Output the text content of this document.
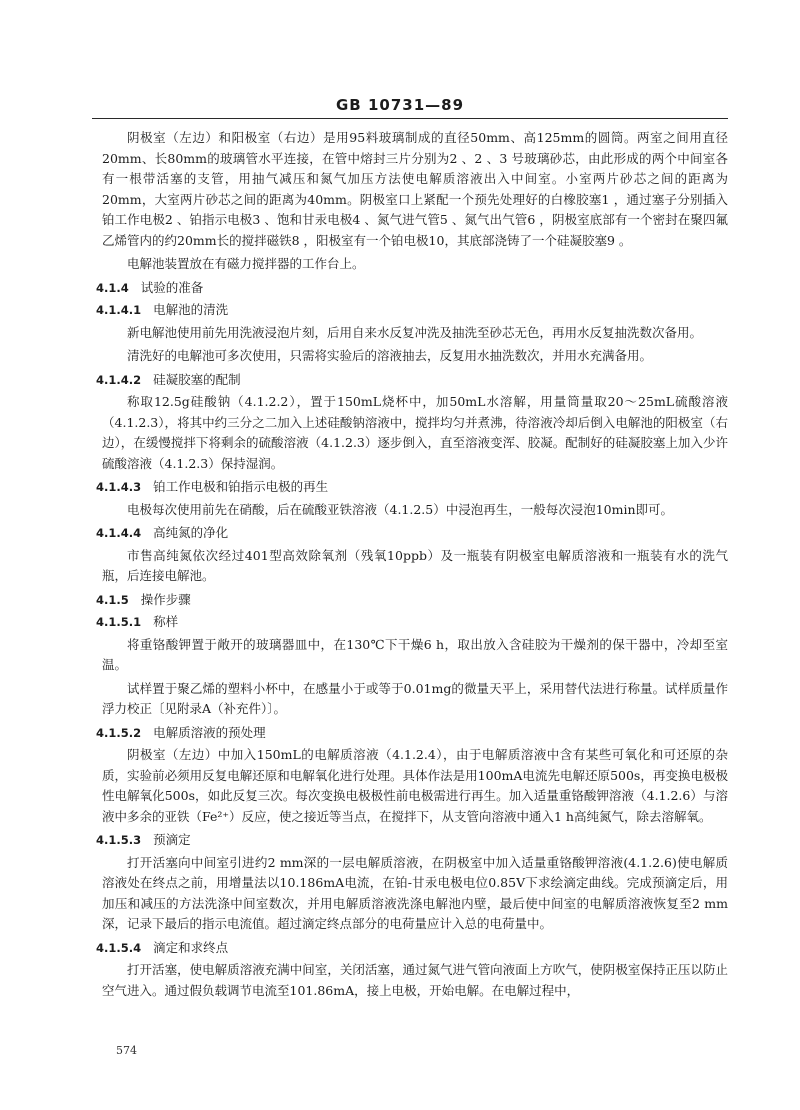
GB 10731—89
阴极室（左边）和阳极室（右边）是用95料玻璃制成的直径50mm、高125mm的圆筒。两室之间用直径20mm、长80mm的玻璃管水平连接，在管中熔封三片分别为2 、2 、3 号玻璃砂芯，由此形成的两个中间室各有一根带活塞的支管，用抽气减压和氮气加压方法使电解质溶液出入中间室。小室两片砂芯之间的距离为20mm，大室两片砂芯之间的距离为40mm。阴极室口上紧配一个预先处理好的白橡胶塞1 ，通过塞子分别插入铂工作电极2 、铂指示电极3 、饱和甘汞电极4 、氮气进气管5 、氮气出气管6 ，阴极室底部有一个密封在聚四氟乙烯管内的约20mm长的搅拌磁铁8 ，阳极室有一个铂电极10，其底部浇铸了一个硅凝胶塞9 。
电解池装置放在有磁力搅拌器的工作台上。
4.1.4 试验的准备
4.1.4.1 电解池的清洗
新电解池使用前先用洗液浸泡片刻，后用自来水反复冲洗及抽洗至砂芯无色，再用水反复抽洗数次备用。
清洗好的电解池可多次使用，只需将实验后的溶液抽去，反复用水抽洗数次，并用水充满备用。
4.1.4.2 硅凝胶塞的配制
称取12.5g硅酸钠（4.1.2.2），置于150mL烧杯中，加50mL水溶解，用量筒量取20～25mL硫酸溶液（4.1.2.3），将其中约三分之二加入上述硅酸钠溶液中，搅拌均匀并煮沸，待溶液冷却后倒入电解池的阳极室（右边），在缓慢搅拌下将剩余的硫酸溶液（4.1.2.3）逐步倒入，直至溶液变浑、胶凝。配制好的硅凝胶塞上加入少许硫酸溶液（4.1.2.3）保持湿润。
4.1.4.3 铂工作电极和铂指示电极的再生
电极每次使用前先在硝酸，后在硫酸亚铁溶液（4.1.2.5）中浸泡再生，一般每次浸泡10min即可。
4.1.4.4 高纯氮的净化
市售高纯氮依次经过401型高效除氧剂（残氧10ppb）及一瓶装有阴极室电解质溶液和一瓶装有水的洗气瓶，后连接电解池。
4.1.5 操作步骤
4.1.5.1 称样
将重铬酸钾置于敞开的玻璃器皿中，在130℃下干燥6 h，取出放入含硅胶为干燥剂的保干器中，冷却至室温。
试样置于聚乙烯的塑料小杯中，在感量小于或等于0.01mg的微量天平上，采用替代法进行称量。试样质量作浮力校正〔见附录A（补充件）〕。
4.1.5.2 电解质溶液的预处理
阴极室（左边）中加入150mL的电解质溶液（4.1.2.4），由于电解质溶液中含有某些可氧化和可还原的杂质，实验前必须用反复电解还原和电解氧化进行处理。具体作法是用100mA电流先电解还原500s，再变换电极极性电解氧化500s，如此反复三次。每次变换电极极性前电极需进行再生。加入适量重铬酸钾溶液（4.1.2.6）与溶液中多余的亚铁（Fe²⁺）反应，使之接近等当点，在搅拌下，从支管向溶液中通入1 h高纯氮气，除去溶解氧。
4.1.5.3 预滴定
打开活塞向中间室引进约2 mm深的一层电解质溶液，在阴极室中加入适量重铬酸钾溶液(4.1.2.6)使电解质溶液处在终点之前，用增量法以10.186mA电流，在铂-甘汞电极电位0.85V下求绘滴定曲线。完成预滴定后，用加压和减压的方法洗涤中间室数次，并用电解质溶液洗涤电解池内壁，最后使中间室的电解质溶液恢复至2 mm深，记录下最后的指示电流值。超过滴定终点部分的电荷量应计入总的电荷量中。
4.1.5.4 滴定和求终点
打开活塞，使电解质溶液充满中间室，关闭活塞，通过氮气进气管向液面上方吹气，使阴极室保持正压以防止空气进入。通过假负载调节电流至101.86mA，接上电极，开始电解。在电解过程中，
574
